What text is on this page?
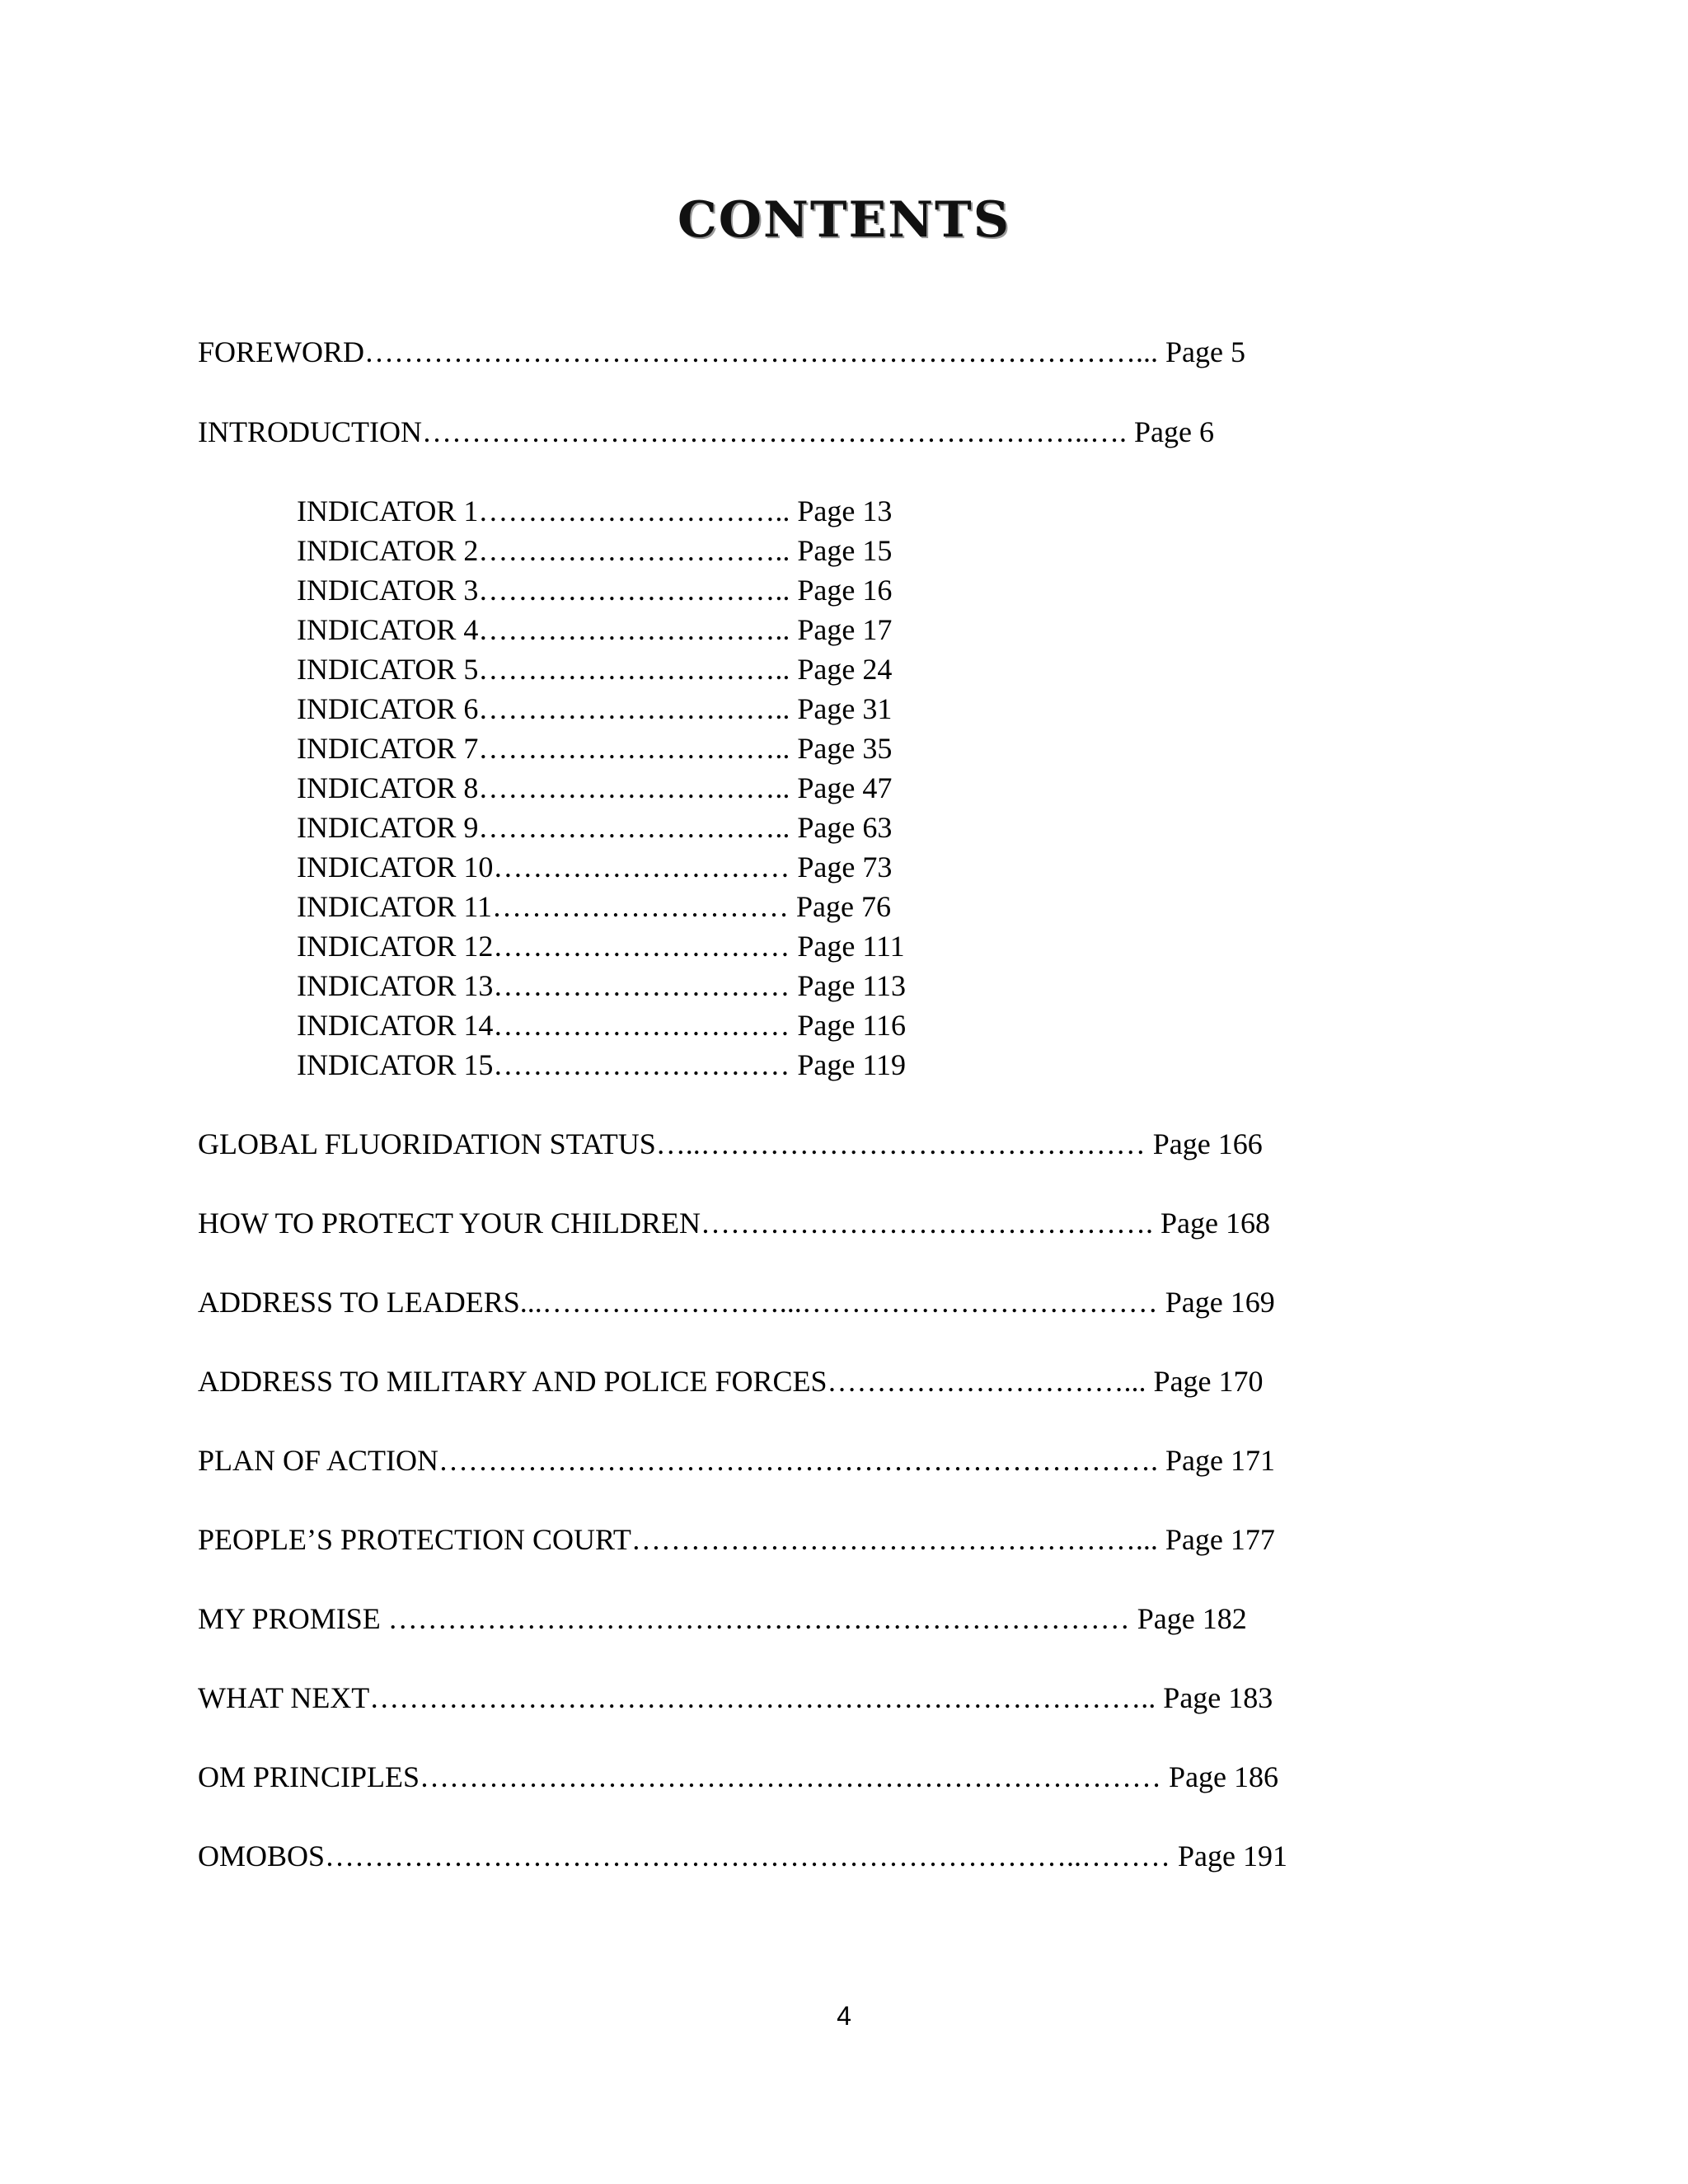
CONTENTS
FOREWORD……………………………………………………………………... Page 5
INTRODUCTION…………………………………………………………..…. Page 6
INDICATOR 1………………………….. Page 13
INDICATOR 2………………………….. Page 15
INDICATOR 3………………………….. Page 16
INDICATOR 4………………………….. Page 17
INDICATOR 5………………………….. Page 24
INDICATOR 6………………………….. Page 31
INDICATOR 7………………………….. Page 35
INDICATOR 8………………………….. Page 47
INDICATOR 9………………………….. Page 63
INDICATOR 10………………………… Page 73
INDICATOR 11………………………… Page 76
INDICATOR 12………………………… Page 111
INDICATOR 13………………………… Page 113
INDICATOR 14………………………… Page 116
INDICATOR 15………………………… Page 119
GLOBAL FLUORIDATION STATUS…..……………………………………… Page 166
HOW TO PROTECT YOUR CHILDREN………………………………………. Page 168
ADDRESS TO LEADERS...……………………...……………………………… Page 169
ADDRESS TO MILITARY AND POLICE FORCES…………………………... Page 170
PLAN OF ACTION………………………………………………………………. Page 171
PEOPLE’S PROTECTION COURT……………………………………………... Page 177
MY PROMISE ………………………………………………………………… Page 182
WHAT NEXT…………………………………………………………………….. Page 183
OM PRINCIPLES………………………………………………………………… Page 186
OMOBOS…………………………………………………………………..……… Page 191
4
